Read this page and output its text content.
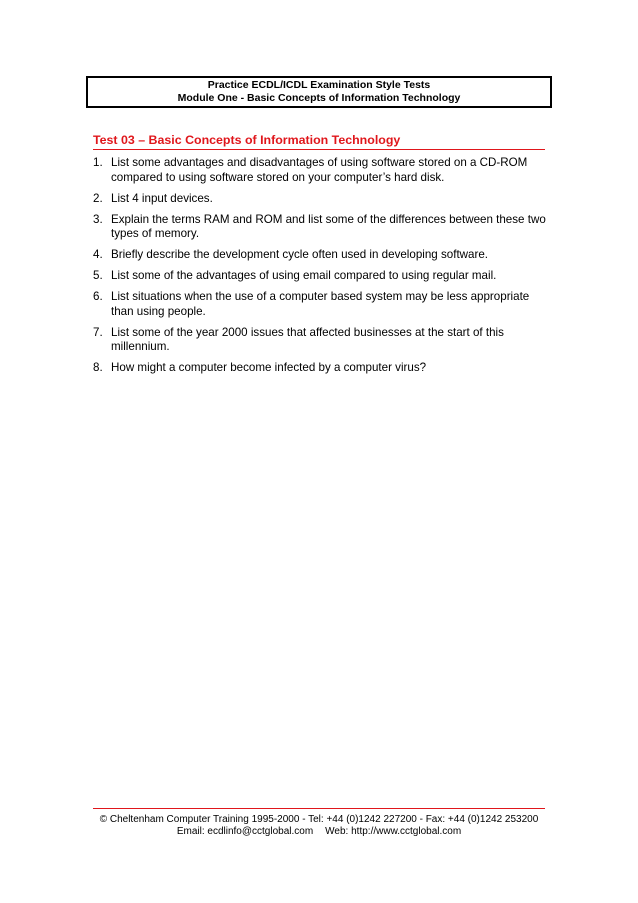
Practice ECDL/ICDL Examination Style Tests
Module One - Basic Concepts of Information Technology
Test 03 – Basic Concepts of Information Technology
1. List some advantages and disadvantages of using software stored on a CD-ROM compared to using software stored on your computer’s hard disk.
2. List 4 input devices.
3. Explain the terms RAM and ROM and list some of the differences between these two types of memory.
4. Briefly describe the development cycle often used in developing software.
5. List some of the advantages of using email compared to using regular mail.
6. List situations when the use of a computer based system may be less appropriate than using people.
7. List some of the year 2000 issues that affected businesses at the start of this millennium.
8. How might a computer become infected by a computer virus?
© Cheltenham Computer Training 1995-2000 - Tel: +44 (0)1242 227200 - Fax: +44 (0)1242 253200
Email: ecdlinfo@cctglobal.com Web: http://www.cctglobal.com
